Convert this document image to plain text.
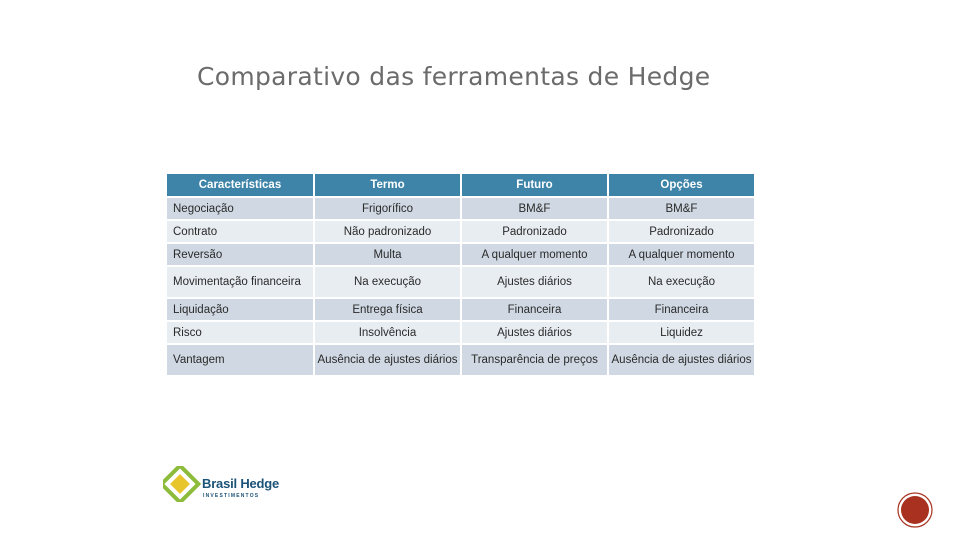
Comparativo das ferramentas de Hedge
Características	Termo	Futuro	Opções
Negociação	Frigorífico	BM&F	BM&F
Contrato	Não padronizado	Padronizado	Padronizado
Reversão	Multa	A qualquer momento	A qualquer momento
Movimentação financeira	Na execução	Ajustes diários	Na execução
Liquidação	Entrega física	Financeira	Financeira
Risco	Insolvência	Ajustes diários	Liquidez
Vantagem	Ausência de ajustes diários	Transparência de preços	Ausência de ajustes diários
Brasil Hedge
INVESTIMENTOS
